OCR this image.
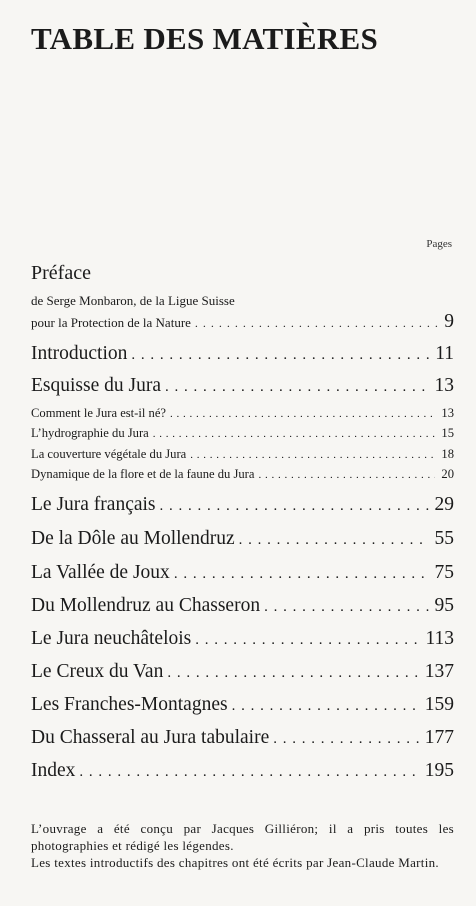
TABLE DES MATIÈRES
Pages
Préface
de Serge Monbaron, de la Ligue Suisse
pour la Protection de la Nature . . .	9
Introduction . . .	11
Esquisse du Jura . . .	13
Comment le Jura est-il né? . . .	13
L’hydrographie du Jura . . .	15
La couverture végétale du Jura . . .	18
Dynamique de la flore et de la faune du Jura . . .	20
Le Jura français . . .	29
De la Dôle au Mollendruz . . .	55
La Vallée de Joux . . .	75
Du Mollendruz au Chasseron . . .	95
Le Jura neuchâtelois . . .	113
Le Creux du Van . . .	137
Les Franches-Montagnes . . .	159
Du Chasseral au Jura tabulaire . . .	177
Index . . .	195

L’ouvrage a été conçu par Jacques Gilliéron; il a pris toutes les photographies et rédigé les légendes.

Les textes introductifs des chapitres ont été écrits par Jean-Claude Martin.
